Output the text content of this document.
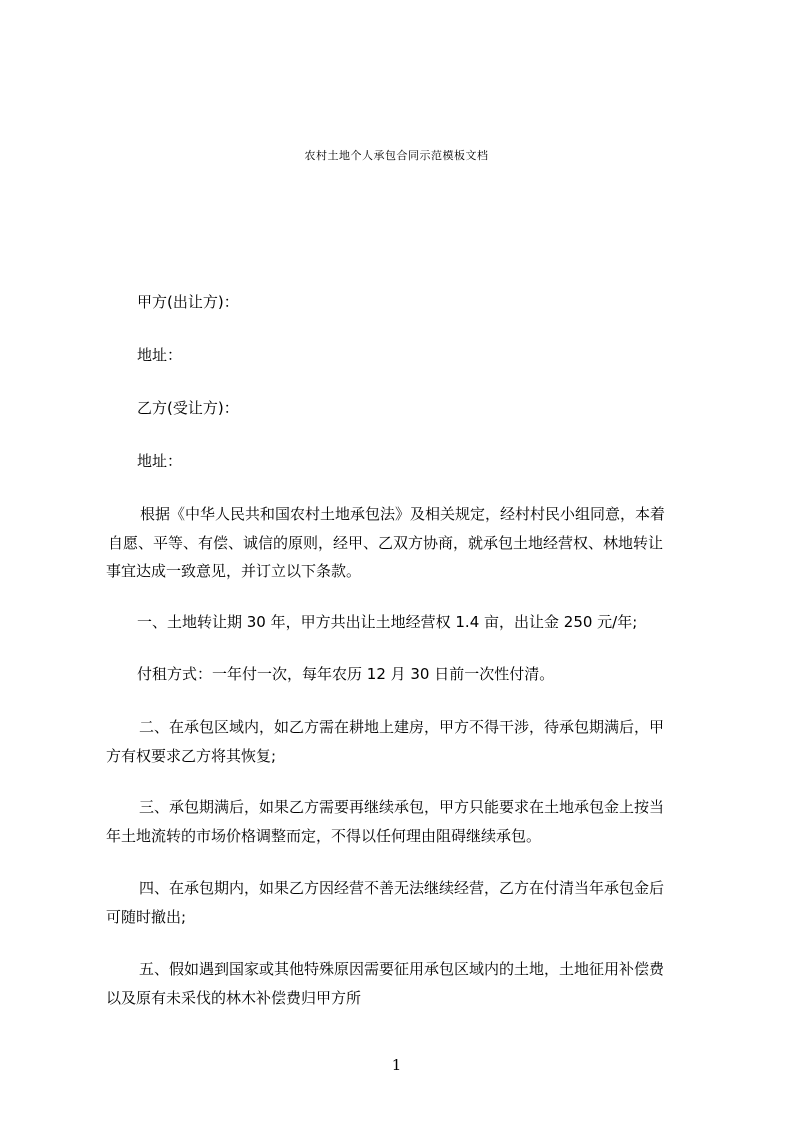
农村土地个人承包合同示范模板文档
甲方(出让方)：
地址：
乙方(受让方)：
地址：
根据《中华人民共和国农村土地承包法》及相关规定，经村村民小组同意，本着
自愿、平等、有偿、诚信的原则，经甲、乙双方协商，就承包土地经营权、林地转让
事宜达成一致意见，并订立以下条款。
一、土地转让期 30 年，甲方共出让土地经营权 1.4 亩，出让金 250 元/年;
付租方式：一年付一次，每年农历 12 月 30 日前一次性付清。
二、在承包区域内，如乙方需在耕地上建房，甲方不得干涉，待承包期满后，甲
方有权要求乙方将其恢复;
三、承包期满后，如果乙方需要再继续承包，甲方只能要求在土地承包金上按当
年土地流转的市场价格调整而定，不得以任何理由阻碍继续承包。
四、在承包期内，如果乙方因经营不善无法继续经营，乙方在付清当年承包金后
可随时撤出;
五、假如遇到国家或其他特殊原因需要征用承包区域内的土地，土地征用补偿费
以及原有未采伐的林木补偿费归甲方所
1
